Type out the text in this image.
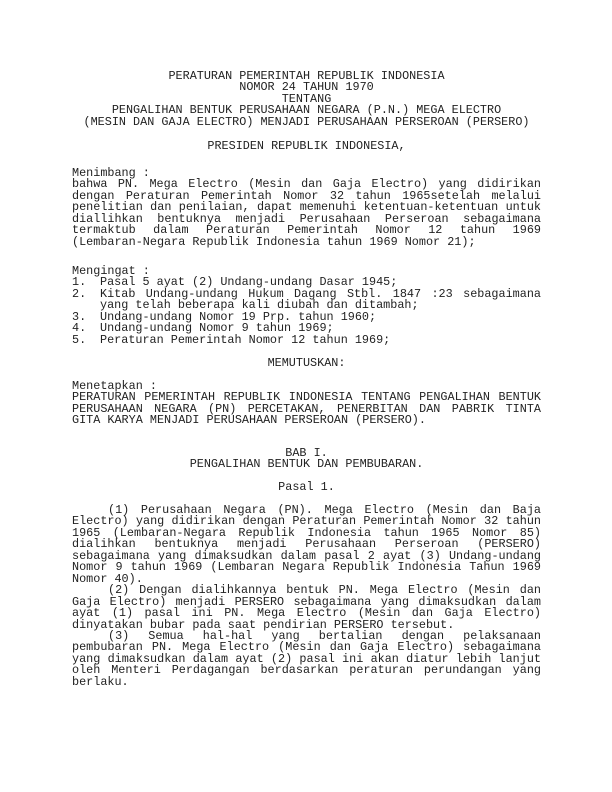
PERATURAN PEMERINTAH REPUBLIK INDONESIA
NOMOR 24 TAHUN 1970
TENTANG
PENGALIHAN BENTUK PERUSAHAAN NEGARA (P.N.) MEGA ELECTRO
(MESIN DAN GAJA ELECTRO) MENJADI PERUSAHAAN PERSEROAN (PERSERO)
PRESIDEN REPUBLIK INDONESIA,
Menimbang :
bahwa PN. Mega Electro (Mesin dan Gaja Electro) yang didirikan
dengan Peraturan Pemerintah Nomor 32 tahun 1965setelah melalui
penelitian dan penilaian, dapat memenuhi ketentuan-ketentuan untuk
diallihkan bentuknya menjadi Perusahaan Perseroan sebagaimana
termaktub dalam Peraturan Pemerintah Nomor 12 tahun 1969
(Lembaran-Negara Republik Indonesia tahun 1969 Nomor 21);
Mengingat :
1.	Pasal 5 ayat (2) Undang-undang Dasar 1945;
2.	Kitab Undang-undang Hukum Dagang Stbl. 1847 :23 sebagaimana
yang telah beberapa kali diubah dan ditambah;
3.	Undang-undang Nomor 19 Prp. tahun 1960;
4.	Undang-undang Nomor 9 tahun 1969;
5.	Peraturan Pemerintah Nomor 12 tahun 1969;
MEMUTUSKAN:
Menetapkan :
PERATURAN PEMERINTAH REPUBLIK INDONESIA TENTANG PENGALIHAN BENTUK
PERUSAHAAN NEGARA (PN) PERCETAKAN, PENERBITAN DAN PABRIK TINTA
GITA KARYA MENJADI PERUSAHAAN PERSEROAN (PERSERO).
BAB I.
PENGALIHAN BENTUK DAN PEMBUBARAN.
Pasal 1.
(1) Perusahaan Negara (PN). Mega Electro (Mesin dan Baja
Electro) yang didirikan dengan Peraturan Pemerintah Nomor 32 tahun
1965 (Lembaran-Negara Republik Indonesia tahun 1965 Nomor 85)
dialihkan bentuknya menjadi Perusahaan Perseroan (PERSERO)
sebagaimana yang dimaksudkan dalam pasal 2 ayat (3) Undang-undang
Nomor 9 tahun 1969 (Lembaran Negara Republik Indonesia Tahun 1969
Nomor 40).
(2) Dengan dialihkannya bentuk PN. Mega Electro (Mesin dan
Gaja Electro) menjadi PERSERO sebagaimana yang dimaksudkan dalam
ayat (1) pasal ini PN. Mega Electro (Mesin dan Gaja Electro)
dinyatakan bubar pada saat pendirian PERSERO tersebut.
(3) Semua hal-hal yang bertalian dengan pelaksanaan
pembubaran PN. Mega Electro (Mesin dan Gaja Electro) sebagaimana
yang dimaksudkan dalam ayat (2) pasal ini akan diatur lebih lanjut
oleh Menteri Perdagangan berdasarkan peraturan perundangan yang
berlaku.
